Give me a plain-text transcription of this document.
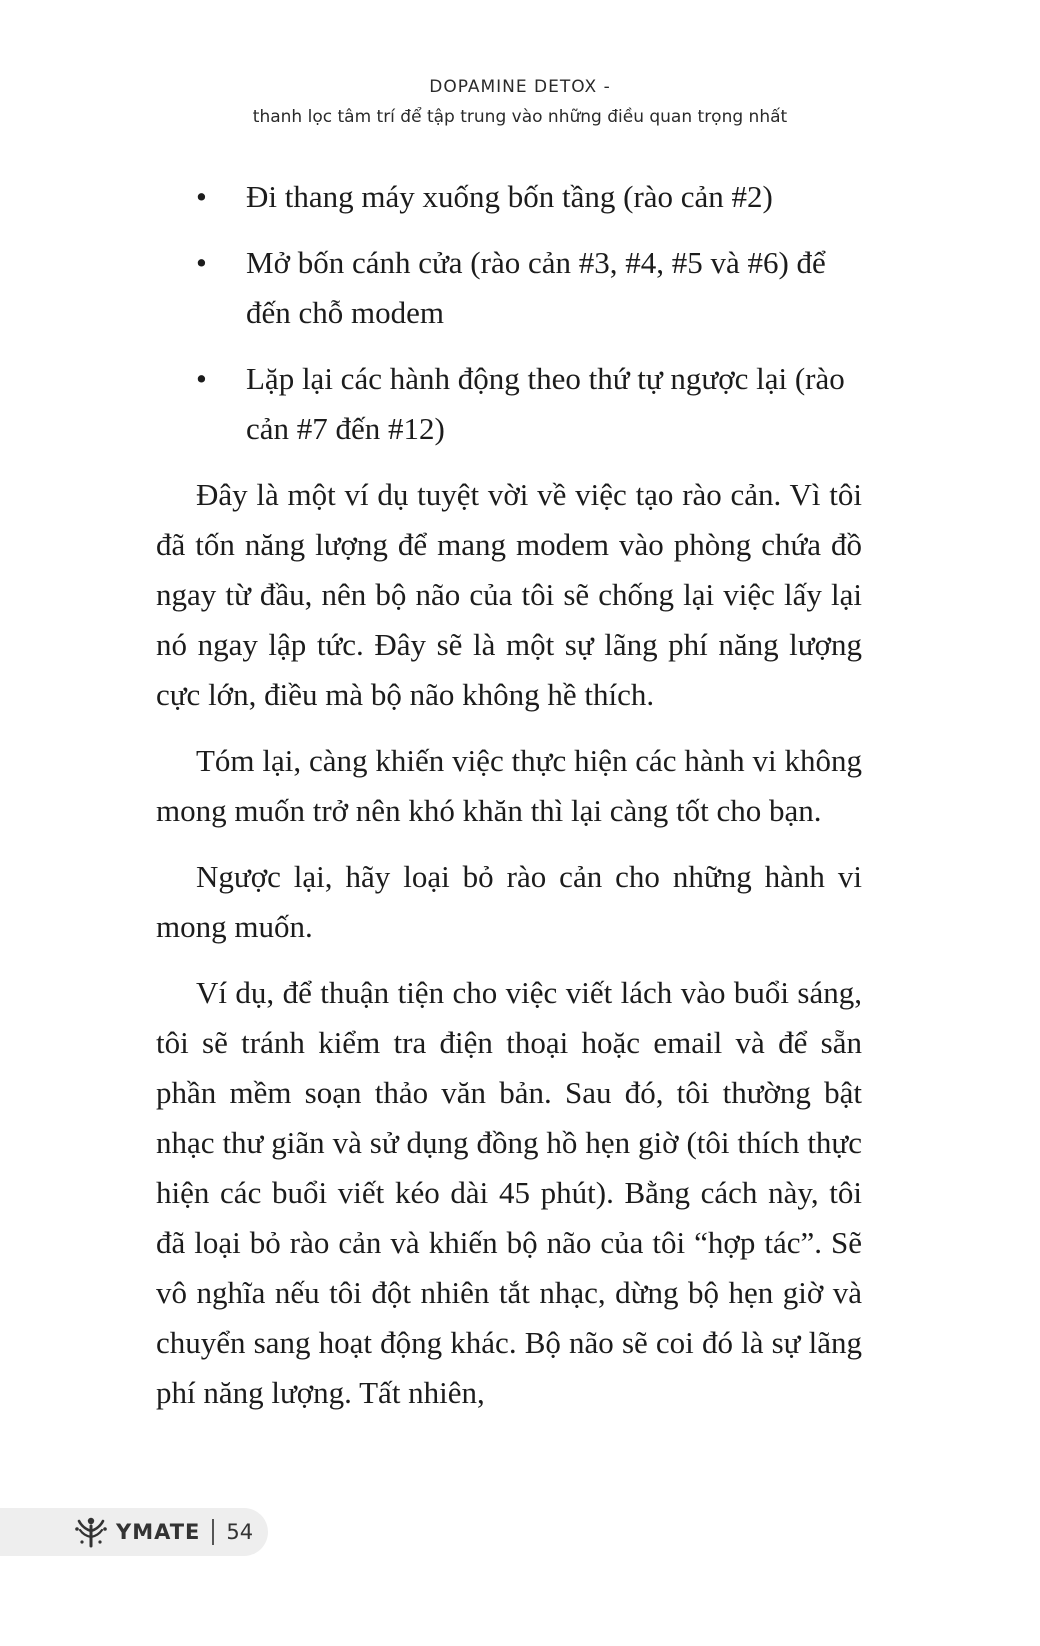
DOPAMINE DETOX -
thanh lọc tâm trí để tập trung vào những điều quan trọng nhất
• Đi thang máy xuống bốn tầng (rào cản #2)
• Mở bốn cánh cửa (rào cản #3, #4, #5 và #6) để đến chỗ modem
• Lặp lại các hành động theo thứ tự ngược lại (rào cản #7 đến #12)

Đây là một ví dụ tuyệt vời về việc tạo rào cản. Vì tôi đã tốn năng lượng để mang modem vào phòng chứa đồ ngay từ đầu, nên bộ não của tôi sẽ chống lại việc lấy lại nó ngay lập tức. Đây sẽ là một sự lãng phí năng lượng cực lớn, điều mà bộ não không hề thích.

Tóm lại, càng khiến việc thực hiện các hành vi không mong muốn trở nên khó khăn thì lại càng tốt cho bạn.

Ngược lại, hãy loại bỏ rào cản cho những hành vi mong muốn.

Ví dụ, để thuận tiện cho việc viết lách vào buổi sáng, tôi sẽ tránh kiểm tra điện thoại hoặc email và để sẵn phần mềm soạn thảo văn bản. Sau đó, tôi thường bật nhạc thư giãn và sử dụng đồng hồ hẹn giờ (tôi thích thực hiện các buổi viết kéo dài 45 phút). Bằng cách này, tôi đã loại bỏ rào cản và khiến bộ não của tôi “hợp tác”. Sẽ vô nghĩa nếu tôi đột nhiên tắt nhạc, dừng bộ hẹn giờ và chuyển sang hoạt động khác. Bộ não sẽ coi đó là sự lãng phí năng lượng. Tất nhiên,

YMATE 54
